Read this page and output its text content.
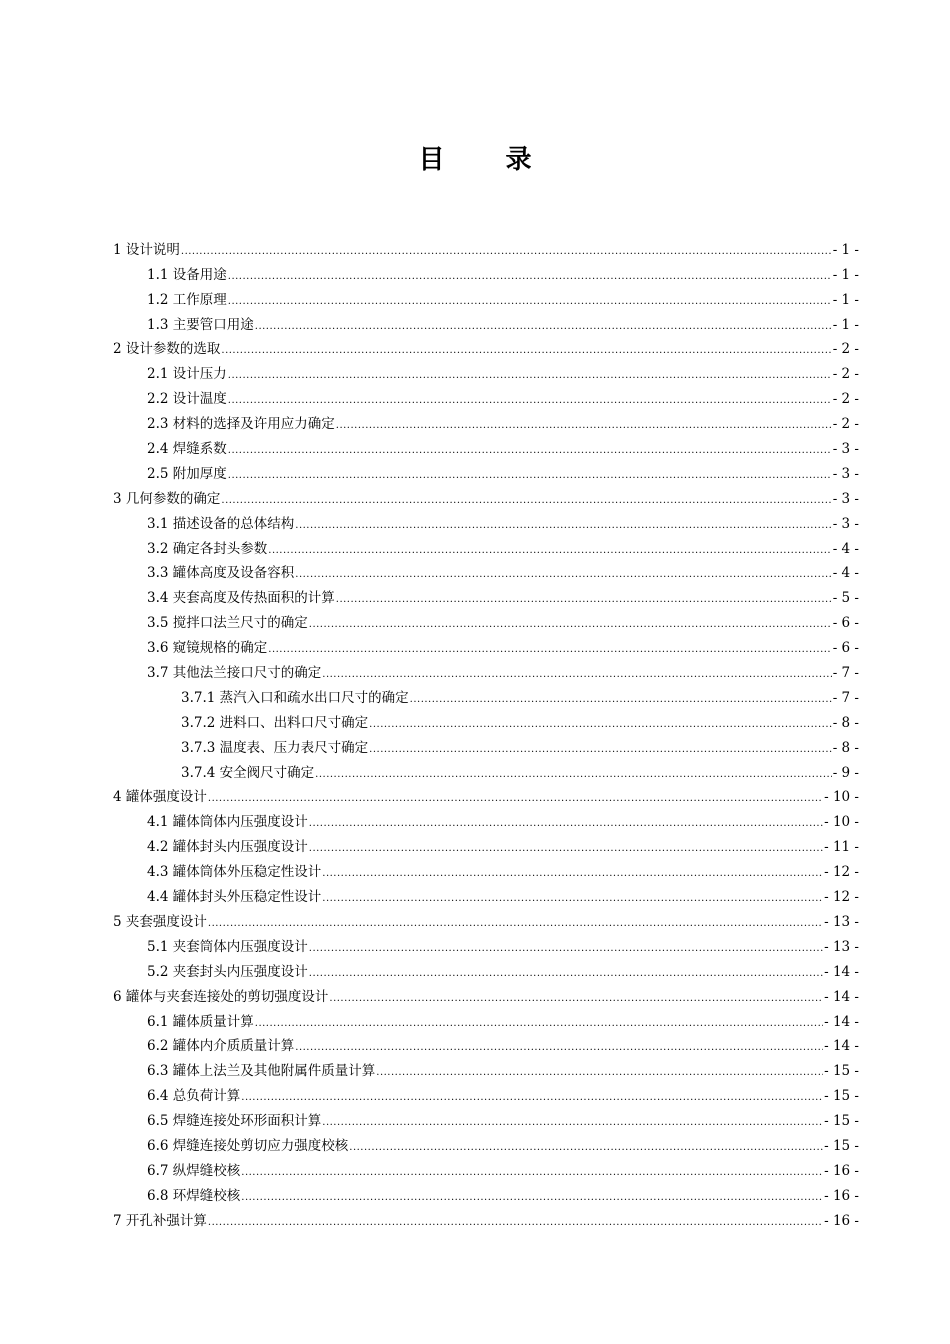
目 录
1 设计说明 .....	- 1 -
1.1 设备用途 .....	- 1 -
1.2 工作原理 .....	- 1 -
1.3 主要管口用途 .....	- 1 -
2 设计参数的选取 .....	- 2 -
2.1 设计压力 .....	- 2 -
2.2 设计温度 .....	- 2 -
2.3 材料的选择及许用应力确定 .....	- 2 -
2.4 焊缝系数 .....	- 3 -
2.5 附加厚度 .....	- 3 -
3 几何参数的确定 .....	- 3 -
3.1 描述设备的总体结构 .....	- 3 -
3.2 确定各封头参数 .....	- 4 -
3.3 罐体高度及设备容积 .....	- 4 -
3.4 夹套高度及传热面积的计算 .....	- 5 -
3.5 搅拌口法兰尺寸的确定 .....	- 6 -
3.6 窥镜规格的确定 .....	- 6 -
3.7 其他法兰接口尺寸的确定 .....	- 7 -
3.7.1 蒸汽入口和疏水出口尺寸的确定 .....	- 7 -
3.7.2 进料口、出料口尺寸确定 .....	- 8 -
3.7.3 温度表、压力表尺寸确定 .....	- 8 -
3.7.4 安全阀尺寸确定 .....	- 9 -
4 罐体强度设计 .....	- 10 -
4.1 罐体筒体内压强度设计 .....	- 10 -
4.2 罐体封头内压强度设计 .....	- 11 -
4.3 罐体筒体外压稳定性设计 .....	- 12 -
4.4 罐体封头外压稳定性设计 .....	- 12 -
5 夹套强度设计 .....	- 13 -
5.1 夹套筒体内压强度设计 .....	- 13 -
5.2 夹套封头内压强度设计 .....	- 14 -
6 罐体与夹套连接处的剪切强度设计 .....	- 14 -
6.1 罐体质量计算 .....	- 14 -
6.2 罐体内介质质量计算 .....	- 14 -
6.3 罐体上法兰及其他附属件质量计算 .....	- 15 -
6.4 总负荷计算 .....	- 15 -
6.5 焊缝连接处环形面积计算 .....	- 15 -
6.6 焊缝连接处剪切应力强度校核 .....	- 15 -
6.7 纵焊缝校核 .....	- 16 -
6.8 环焊缝校核 .....	- 16 -
7 开孔补强计算 .....	- 16 -
